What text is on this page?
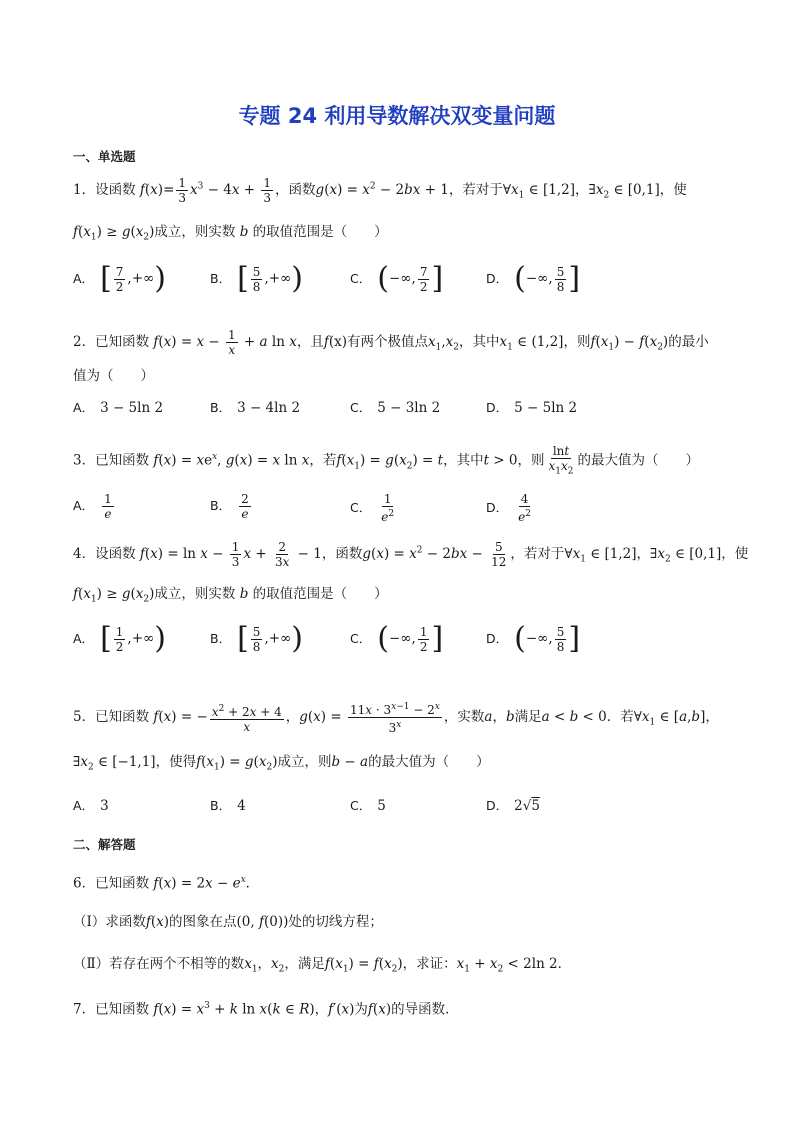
专题 24 利用导数解决双变量问题
一、单选题
1．设函数 $f(x)= \frac{1}{3} x^3 - 4x + \frac{1}{3}$ ，函数$g(x) = x^2 - 2bx + 1$，若对于$\forall x_1$ ∈ [1,2]，$\exists x_2$ ∈ [0,1]，使
$f(x_1) \ge g(x_2)$成立，则实数 b 的取值范围是（　　）
A． [ $\frac{7}{2}$ ,+∞)	B． [ $\frac{5}{8}$ ,+∞)	C． (−∞, $\frac{7}{2}$ ]	D． (−∞, $\frac{5}{8}$ ]
2．已知函数 $f(x) = x - \frac{1}{x} + a$ ln x，且f(x)有两个极值点$x_1,x_2$，其中$x_1$ ∈ (1,2]，则$f(x_1) - f(x_2)$的最小
值为（　　）
A． 3 − 5ln 2	B． 3 − 4ln 2	C． 5 − 3ln 2	D． 5 − 5ln 2
3．已知函数 $f(x) = xe^x$, g(x) = x ln x，若$f(x_1) = g(x_2) = t$，其中t > 0，则 $\frac{\ln t}{x_1x_2}$ 的最大值为（　　）
A． $\frac{1}{e}$	B． $\frac{2}{e}$	C． $\frac{1}{e^2}$	D． $\frac{4}{e^2}$
4．设函数 $f(x) = \ln x - \frac{1}{3}$ $x + \frac{2}{3x} - 1$，函数$g(x) = x^2 - 2bx - \frac{5}{12}$ ，若对于$\forall x_1$ ∈ [1,2]，$\exists x_2$ ∈ [0,1]，使
$f(x_1) \ge g(x_2)$成立，则实数 b 的取值范围是（　　）
A． [ $\frac{1}{2}$ ,+∞)	B． [ $\frac{5}{8}$ ,+∞)	C． (−∞, $\frac{1}{2}$ ]	D． (−∞, $\frac{5}{8}$ ]
5．已知函数 f(x) = − $\frac{x^2 + 2x + 4}{x}$ ，$g(x) = \frac{11x \cdot 3^{x-1} - 2^x}{3^x}$ ，实数a，b满足a < b < 0．若$\forall x_1$ ∈ [a,b]，
$\exists x_2$ ∈ [−1,1]，使得$f(x_1) = g(x_2)$成立，则b − a的最大值为（　　）
A． 3	B． 4	C． 5	D． 2√5
二、解答题
6．已知函数 $f(x) = 2x - e^x$．
（Ⅰ）求函数f(x)的图象在点(0, f(0))处的切线方程；
（Ⅱ）若存在两个不相等的数$x_1$，$x_2$，满足$f(x_1) = f(x_2)$，求证：$x_1 + x_2 < 2\ln$ 2．
7．已知函数 $f(x) = x^3 + k$ ln x(k ∈ R)，f′(x)为f(x)的导函数.
